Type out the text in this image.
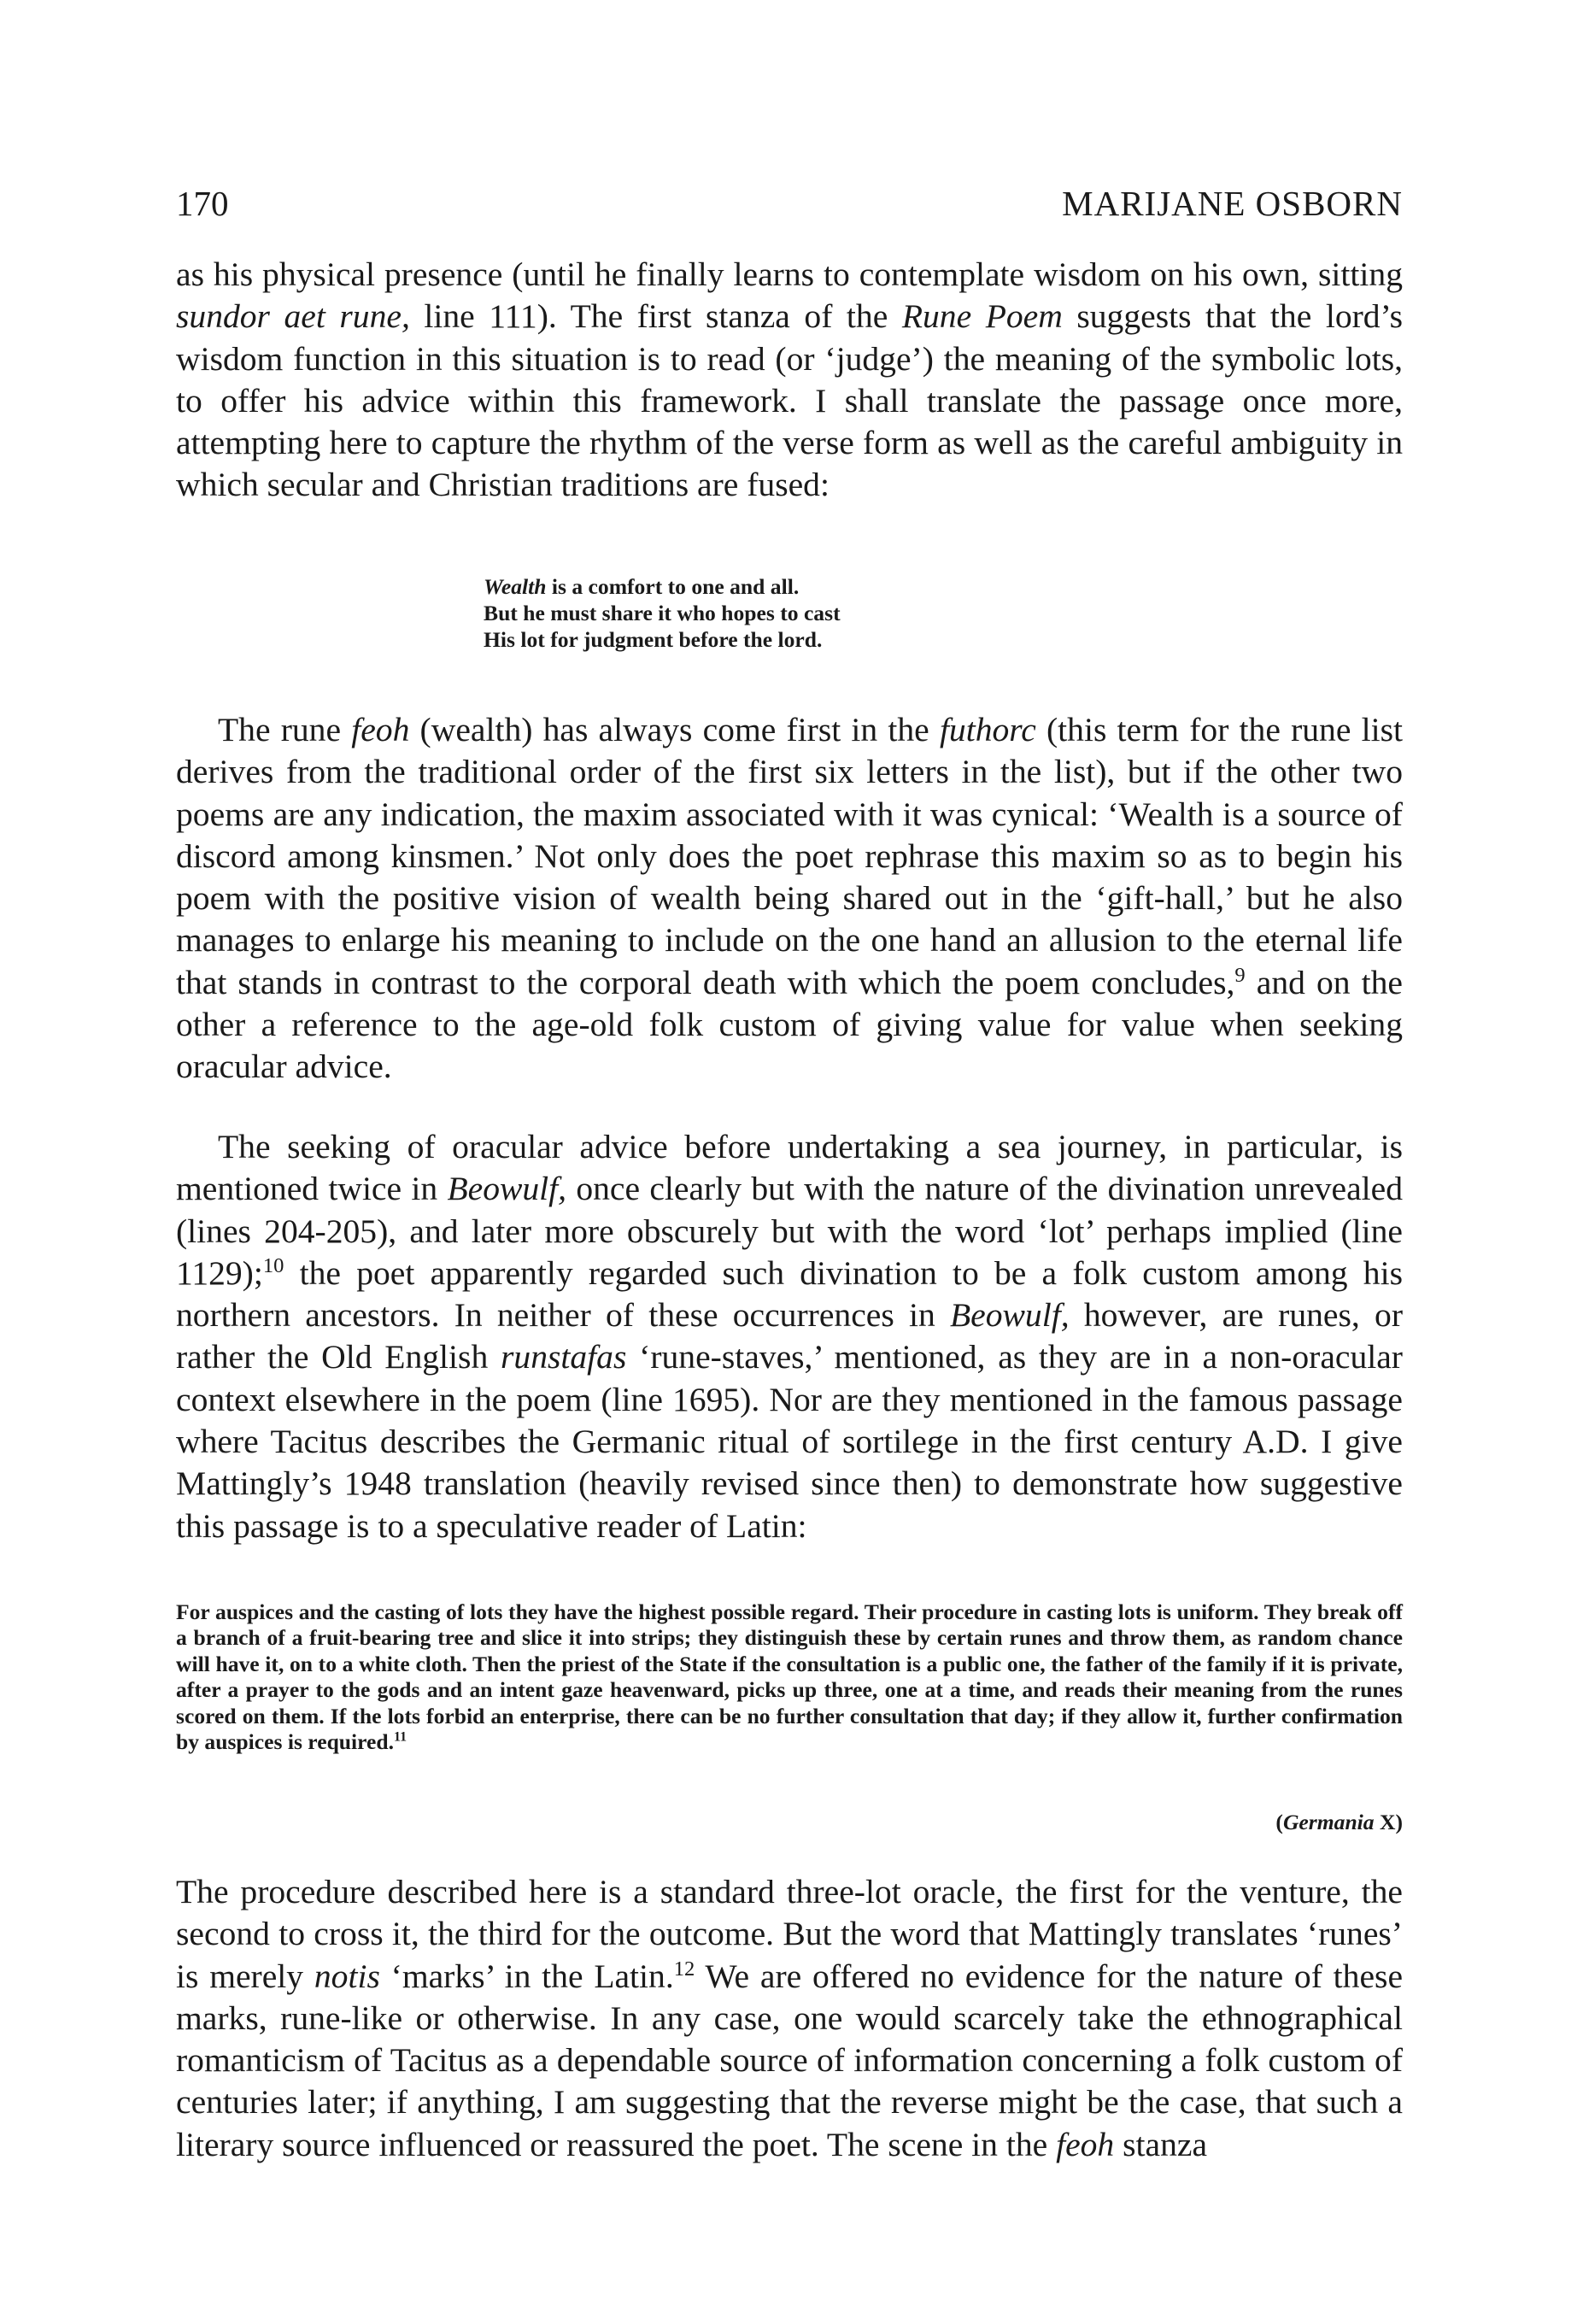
170	MARIJANE OSBORN

as his physical presence (until he finally learns to contemplate wisdom on his own, sitting sundor aet rune, line 111). The first stanza of the Rune Poem suggests that the lord’s wisdom function in this situation is to read (or ‘judge’) the meaning of the symbolic lots, to offer his advice within this framework. I shall translate the passage once more, attempting here to capture the rhythm of the verse form as well as the careful ambiguity in which secular and Christian traditions are fused:

Wealth is a comfort to one and all.
But he must share it who hopes to cast
His lot for judgment before the lord.

The rune feoh (wealth) has always come first in the futhorc (this term for the rune list derives from the traditional order of the first six letters in the list), but if the other two poems are any indication, the maxim associated with it was cynical: ‘Wealth is a source of discord among kinsmen.’ Not only does the poet rephrase this maxim so as to begin his poem with the positive vision of wealth being shared out in the ‘gift-hall,’ but he also manages to enlarge his meaning to include on the one hand an allusion to the eternal life that stands in contrast to the corporal death with which the poem concludes,$^9$ and on the other a reference to the age-old folk custom of giving value for value when seeking oracular advice.

The seeking of oracular advice before undertaking a sea journey, in particular, is mentioned twice in Beowulf, once clearly but with the nature of the divination unrevealed (lines 204-205), and later more obscurely but with the word ‘lot’ perhaps implied (line 1129);$^{10}$ the poet apparently regarded such divination to be a folk custom among his northern ancestors. In neither of these occurrences in Beowulf, however, are runes, or rather the Old English runstafas ‘rune-staves,’ mentioned, as they are in a non-oracular context elsewhere in the poem (line 1695). Nor are they mentioned in the famous passage where Tacitus describes the Germanic ritual of sortilege in the first century A.D. I give Mattingly’s 1948 translation (heavily revised since then) to demonstrate how suggestive this passage is to a speculative reader of Latin:

For auspices and the casting of lots they have the highest possible regard. Their procedure in casting lots is uniform. They break off a branch of a fruit-bearing tree and slice it into strips; they distinguish these by certain runes and throw them, as random chance will have it, on to a white cloth. Then the priest of the State if the consultation is a public one, the father of the family if it is private, after a prayer to the gods and an intent gaze heavenward, picks up three, one at a time, and reads their meaning from the runes scored on them. If the lots forbid an enterprise, there can be no further consultation that day; if they allow it, further confirmation by auspices is required.$^{11}$

(Germania X)

The procedure described here is a standard three-lot oracle, the first for the venture, the second to cross it, the third for the outcome. But the word that Mattingly translates ‘runes’ is merely notis ‘marks’ in the Latin.$^{12}$ We are offered no evidence for the nature of these marks, rune-like or otherwise. In any case, one would scarcely take the ethnographical romanticism of Tacitus as a dependable source of information concerning a folk custom of centuries later; if anything, I am suggesting that the reverse might be the case, that such a literary source influenced or reassured the poet. The scene in the feoh stanza
